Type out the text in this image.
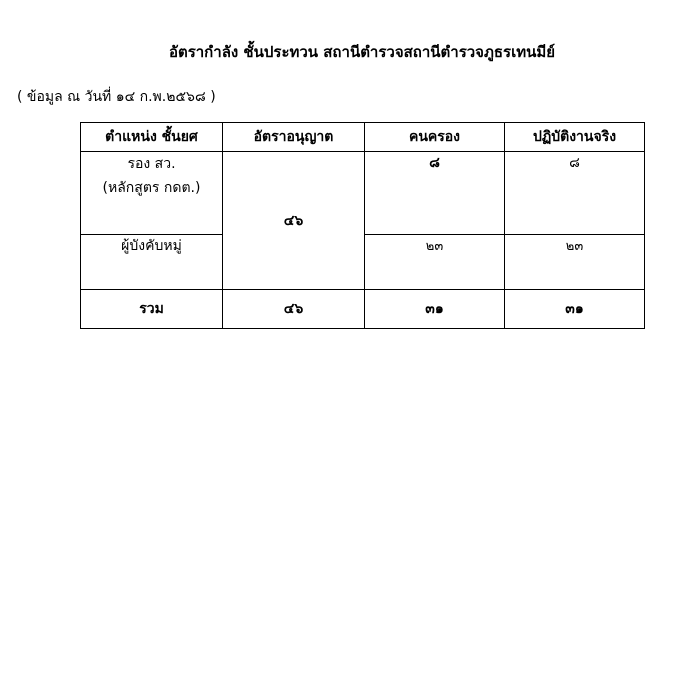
อัตรากำลัง ชั้นประทวน สถานีตำรวจสถานีตำรวจภูธรเทนมีย์
( ข้อมูล ณ วันที่ ๑๔ ก.พ.๒๕๖๘ )
ตำแหน่ง ชั้นยศ	อัตราอนุญาต	คนครอง	ปฏิบัติงานจริง

รอง สว.
(หลักสูตร กดต.)	๔๖	๘	๘
ผู้บังคับหมู่		๒๓	๒๓
รวม	๔๖	๓๑	๓๑
